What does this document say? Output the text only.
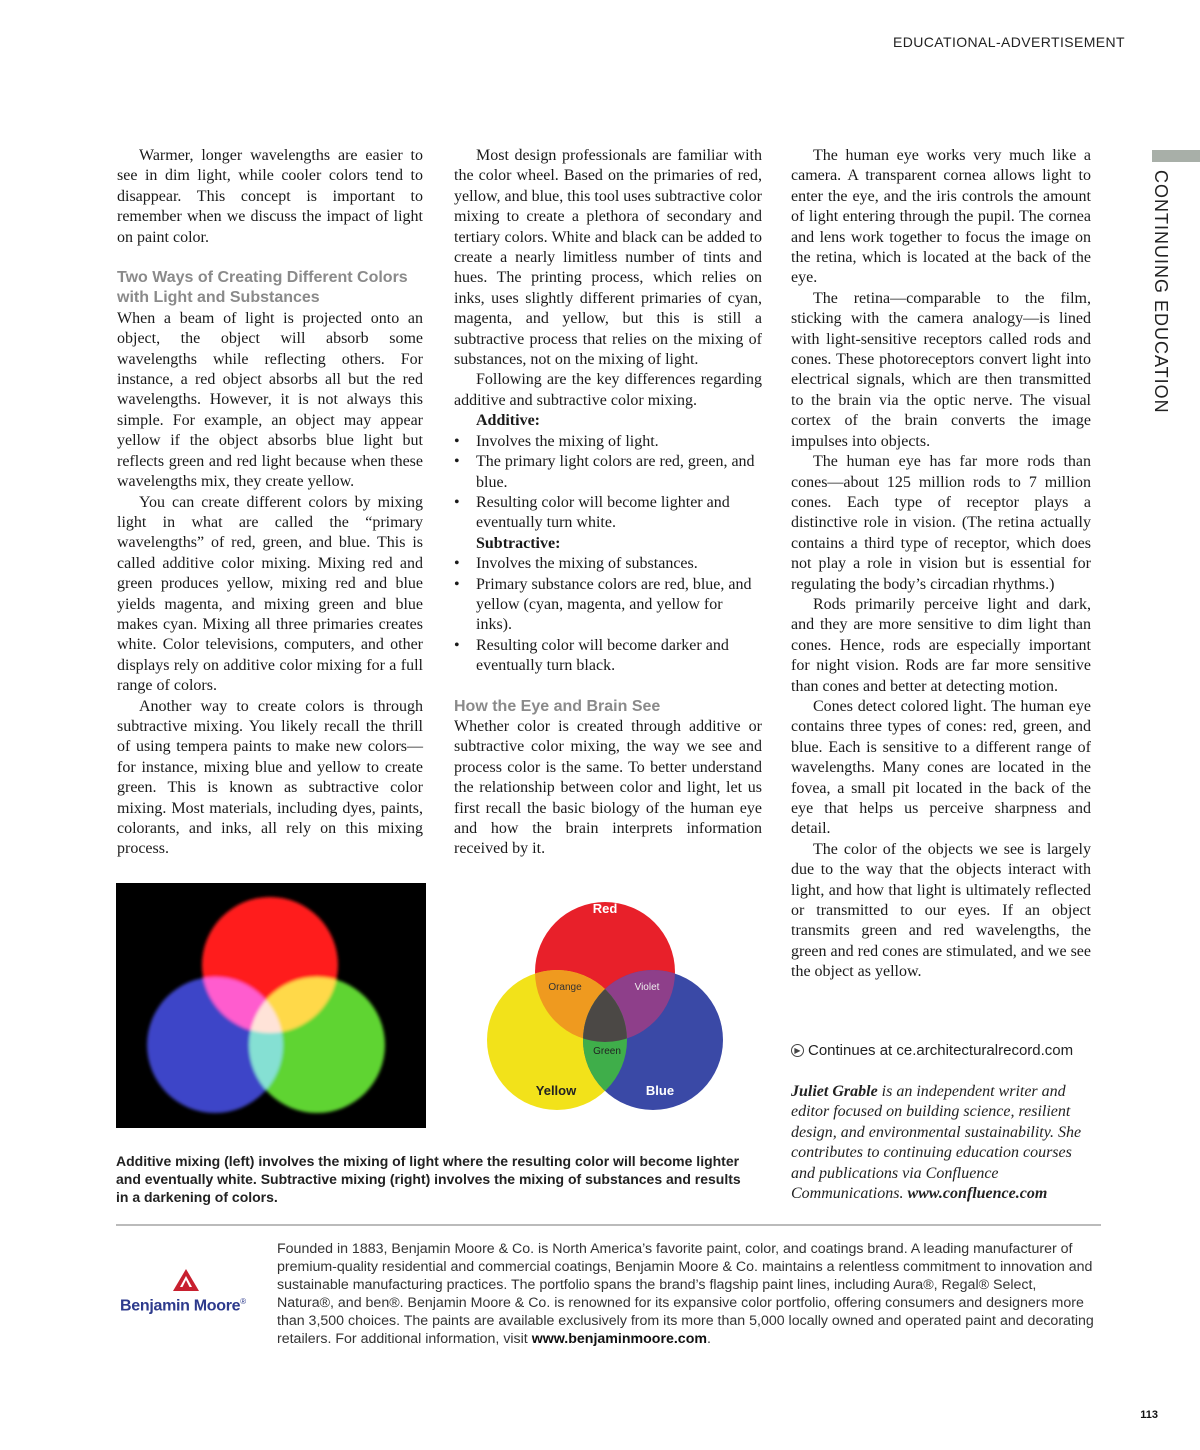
EDUCATIONAL-ADVERTISEMENT
CONTINUING EDUCATION

Warmer, longer wavelengths are easier to see in dim light, while cooler colors tend to disappear. This concept is important to remember when we discuss the impact of light on paint color.

Two Ways of Creating Different Colors with Light and Substances

When a beam of light is projected onto an object, the object will absorb some wavelengths while reflecting others. For instance, a red object absorbs all but the red wavelengths. However, it is not always this simple. For example, an object may appear yellow if the object absorbs blue light but reflects green and red light because when these wavelengths mix, they create yellow.

You can create different colors by mixing light in what are called the “primary wavelengths” of red, green, and blue. This is called additive color mixing. Mixing red and green produces yellow, mixing red and blue yields magenta, and mixing green and blue makes cyan. Mixing all three primaries creates white. Color televisions, computers, and other displays rely on additive color mixing for a full range of colors.

Another way to create colors is through subtractive mixing. You likely recall the thrill of using tempera paints to make new colors—for instance, mixing blue and yellow to create green. This is known as subtractive color mixing. Most materials, including dyes, paints, colorants, and inks, all rely on this mixing process.

Most design professionals are familiar with the color wheel. Based on the primaries of red, yellow, and blue, this tool uses subtractive color mixing to create a plethora of secondary and tertiary colors. White and black can be added to create a nearly limitless number of tints and hues. The printing process, which relies on inks, uses slightly different primaries of cyan, magenta, and yellow, but this is still a subtractive process that relies on the mixing of substances, not on the mixing of light.

Following are the key differences regarding additive and subtractive color mixing.

Additive:
• Involves the mixing of light.
• The primary light colors are red, green, and blue.
• Resulting color will become lighter and eventually turn white.
Subtractive:
• Involves the mixing of substances.
• Primary substance colors are red, blue, and yellow (cyan, magenta, and yellow for inks).
• Resulting color will become darker and eventually turn black.
How the Eye and Brain See

Whether color is created through additive or subtractive color mixing, the way we see and process color is the same. To better understand the relationship between color and light, let us first recall the basic biology of the human eye and how the brain interprets information received by it.

The human eye works very much like a camera. A transparent cornea allows light to enter the eye, and the iris controls the amount of light entering through the pupil. The cornea and lens work together to focus the image on the retina, which is located at the back of the eye.

The retina—comparable to the film, sticking with the camera analogy—is lined with light-sensitive receptors called rods and cones. These photoreceptors convert light into electrical signals, which are then transmitted to the brain via the optic nerve. The visual cortex of the brain converts the image impulses into objects.

The human eye has far more rods than cones—about 125 million rods to 7 million cones. Each type of receptor plays a distinctive role in vision. (The retina actually contains a third type of receptor, which does not play a role in vision but is essential for regulating the body’s circadian rhythms.)

Rods primarily perceive light and dark, and they are more sensitive to dim light than cones. Hence, rods are especially important for night vision. Rods are far more sensitive than cones and better at detecting motion.

Cones detect colored light. The human eye contains three types of cones: red, green, and blue. Each is sensitive to a different range of wavelengths. Many cones are located in the fovea, a small pit located in the back of the eye that helps us perceive sharpness and detail.

The color of the objects we see is largely due to the way that the objects interact with light, and how that light is ultimately reflected or transmitted to our eyes. If an object transmits green and red wavelengths, the green and red cones are stimulated, and we see the object as yellow.

Red
Orange	Violet
Green
Yellow	Blue
Additive mixing (left) involves the mixing of light where the resulting color will become lighter and eventually white. Subtractive mixing (right) involves the mixing of substances and results in a darkening of colors.
▶ Continues at ce.architecturalrecord.com
Juliet Grable is an independent writer and editor focused on building science, resilient design, and environmental sustainability. She contributes to continuing education courses and publications via Confluence Communications. www.confluence.com
Benjamin Moore®
Founded in 1883, Benjamin Moore & Co. is North America’s favorite paint, color, and coatings brand. A leading manufacturer of premium-quality residential and commercial coatings, Benjamin Moore & Co. maintains a relentless commitment to innovation and sustainable manufacturing practices. The portfolio spans the brand’s flagship paint lines, including Aura®, Regal® Select, Natura®, and ben®. Benjamin Moore & Co. is renowned for its expansive color portfolio, offering consumers and designers more than 3,500 choices. The paints are available exclusively from its more than 5,000 locally owned and operated paint and decorating retailers. For additional information, visit www.benjaminmoore.com.
113
